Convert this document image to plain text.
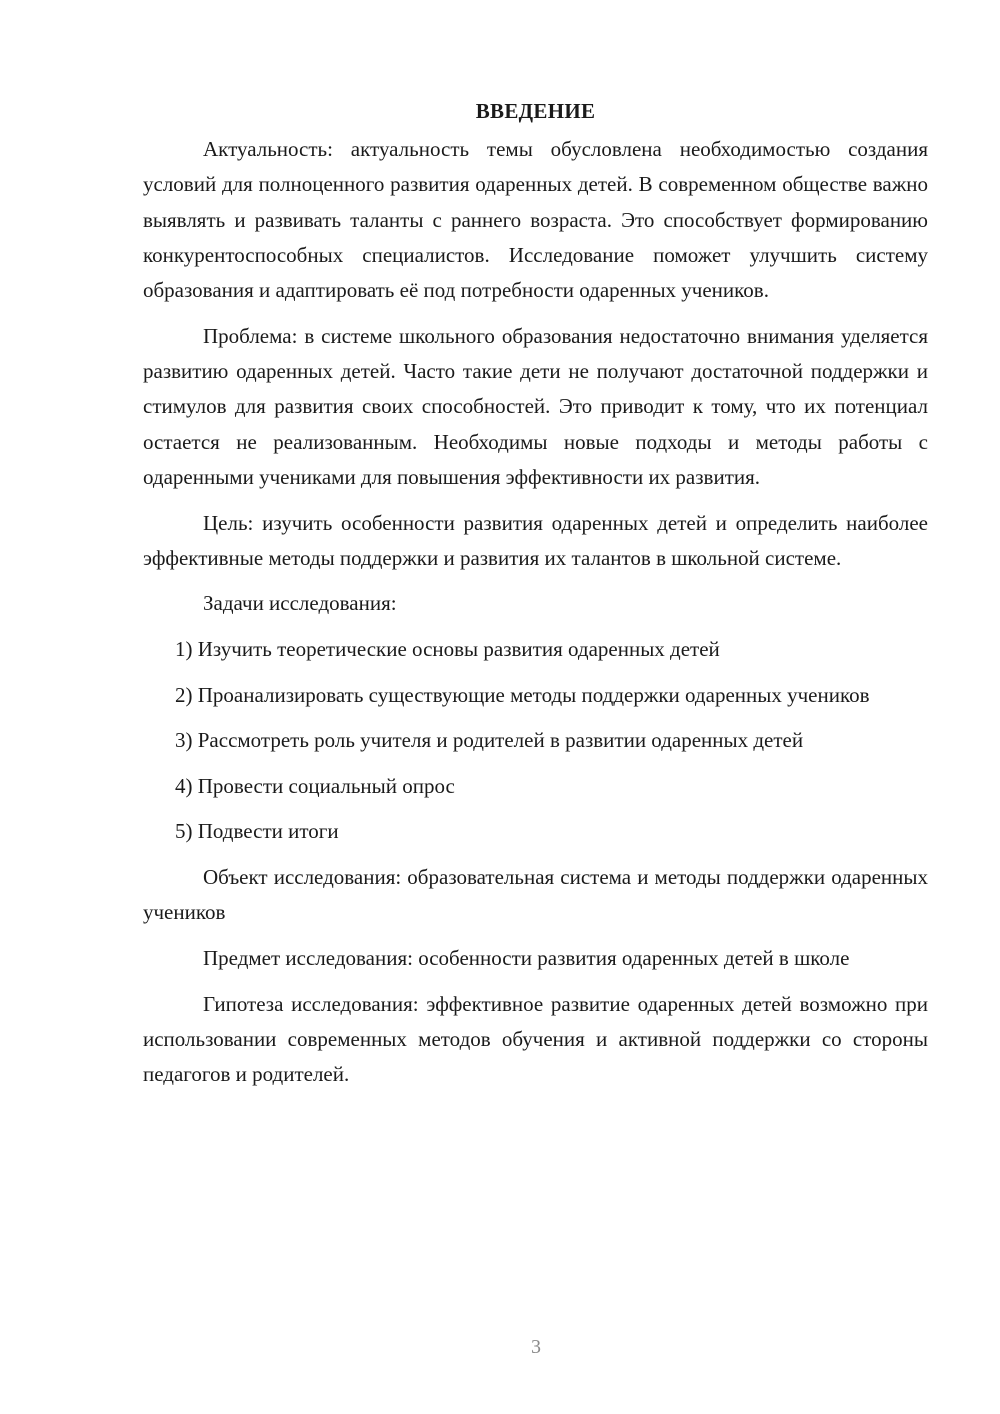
ВВЕДЕНИЕ

Актуальность: актуальность темы обусловлена необходимостью создания условий для полноценного развития одаренных детей. В современном обществе важно выявлять и развивать таланты с раннего возраста. Это способствует формированию конкурентоспособных специалистов. Исследование поможет улучшить систему образования и адаптировать её под потребности одаренных учеников.

Проблема: в системе школьного образования недостаточно внимания уделяется развитию одаренных детей. Часто такие дети не получают достаточной поддержки и стимулов для развития своих способностей. Это приводит к тому, что их потенциал остается не реализованным. Необходимы новые подходы и методы работы с одаренными учениками для повышения эффективности их развития.

Цель: изучить особенности развития одаренных детей и определить наиболее эффективные методы поддержки и развития их талантов в школьной системе.

Задачи исследования:

1) Изучить теоретические основы развития одаренных детей

2) Проанализировать существующие методы поддержки одаренных учеников

3) Рассмотреть роль учителя и родителей в развитии одаренных детей

4) Провести социальный опрос

5) Подвести итоги

Объект исследования: образовательная система и методы поддержки одаренных учеников

Предмет исследования: особенности развития одаренных детей в школе

Гипотеза исследования: эффективное развитие одаренных детей возможно при использовании современных методов обучения и активной поддержки со стороны педагогов и родителей.

3
